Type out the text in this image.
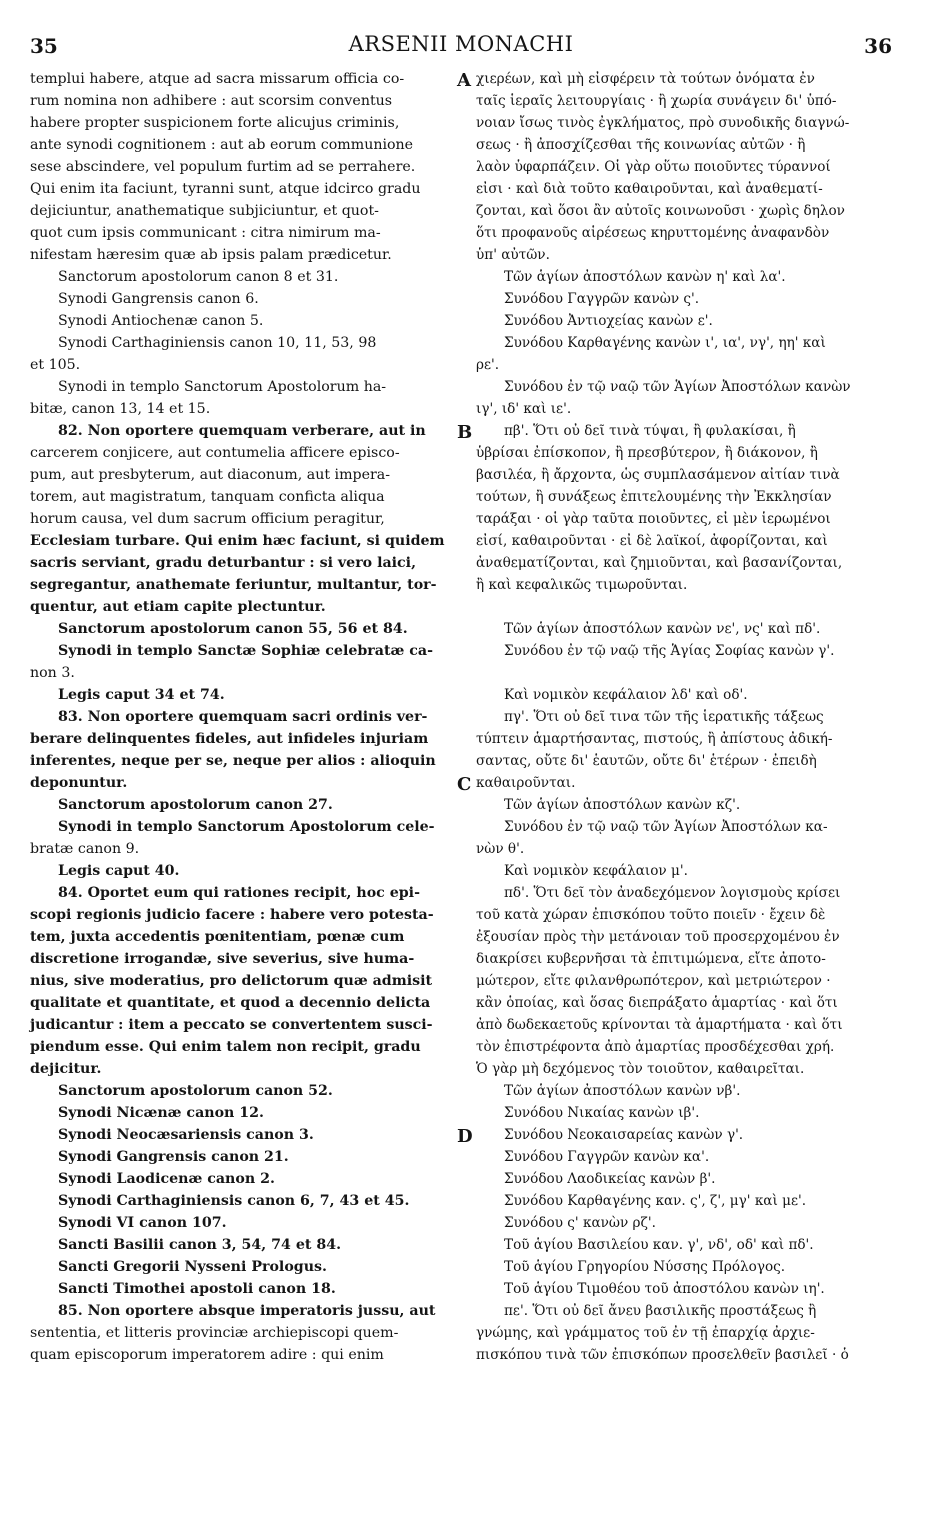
35	ARSENII MONACHI	36
templui habere, atque ad sacra missarum officia co-
rum nomina non adhibere : aut scorsim conventus
habere propter suspicionem forte alicujus criminis,
ante synodi cognitionem : aut ab eorum communione
sese abscindere, vel populum furtim ad se perrahere.
Qui enim ita faciunt, tyranni sunt, atque idcirco gradu
dejiciuntur, anathematique subjiciuntur, et quot-
quot cum ipsis communicant : citra nimirum ma-
nifestam hæresim quæ ab ipsis palam prædicetur.
Sanctorum apostolorum canon 8 et 31.
Synodi Gangrensis canon 6.
Synodi Antiochenæ canon 5.
Synodi Carthaginiensis canon 10, 11, 53, 98
et 105.
Synodi in templo Sanctorum Apostolorum ha-
bitæ, canon 13, 14 et 15.
82. Non oportere quemquam verberare, aut in
carcerem conjicere, aut contumelia afficere episco-
pum, aut presbyterum, aut diaconum, aut impera-
torem, aut magistratum, tanquam conficta aliqua
horum causa, vel dum sacrum officium peragitur,
Ecclesiam turbare. Qui enim hæc faciunt, si quidem
sacris serviant, gradu deturbantur : si vero laici,
segregantur, anathemate feriuntur, multantur, tor-
quentur, aut etiam capite plectuntur.
Sanctorum apostolorum canon 55, 56 et 84.
Synodi in templo Sanctæ Sophiæ celebratæ ca-
non 3.
Legis caput 34 et 74.
83. Non oportere quemquam sacri ordinis ver-
berare delinquentes fideles, aut infideles injuriam
inferentes, neque per se, neque per alios : alioquin
deponuntur.
Sanctorum apostolorum canon 27.
Synodi in templo Sanctorum Apostolorum cele-
bratæ canon 9.
Legis caput 40.
84. Oportet eum qui rationes recipit, hoc epi-
scopi regionis judicio facere : habere vero potesta-
tem, juxta accedentis pœnitentiam, pœnæ cum
discretione irrogandæ, sive severius, sive huma-
nius, sive moderatius, pro delictorum quæ admisit
qualitate et quantitate, et quod a decennio delicta
judicantur : item a peccato se convertentem susci-
piendum esse. Qui enim talem non recipit, gradu
dejicitur.
Sanctorum apostolorum canon 52.
Synodi Nicænæ canon 12.
Synodi Neocæsariensis canon 3.
Synodi Gangrensis canon 21.
Synodi Laodicenæ canon 2.
Synodi Carthaginiensis canon 6, 7, 43 et 45.
Synodi VI canon 107.
Sancti Basilii canon 3, 54, 74 et 84.
Sancti Gregorii Nysseni Prologus.
Sancti Timothei apostoli canon 18.
85. Non oportere absque imperatoris jussu, aut
sententia, et litteris provinciæ archiepiscopi quem-
quam episcoporum imperatorem adire : qui enim
χιερέων, καὶ μὴ εἰσφέρειν τὰ τούτων ὀνόματα ἐν
ταῖς ἱεραῖς λειτουργίαις · ἢ χωρία συνάγειν δι' ὑπό-
νοιαν ἴσως τινὸς ἐγκλήματος, πρὸ συνοδικῆς διαγνώ-
σεως · ἢ ἀποσχίζεσθαι τῆς κοινωνίας αὐτῶν · ἢ
λαὸν ὑφαρπάζειν. Οἱ γὰρ οὕτω ποιοῦντες τύραννοί
εἰσι · καὶ διὰ τοῦτο καθαιροῦνται, καὶ ἀναθεματί-
ζονται, καὶ ὅσοι ἂν αὐτοῖς κοινωνοῦσι · χωρὶς δηλον
ὅτι προφανοῦς αἱρέσεως κηρυττομένης ἀναφανδὸν
ὑπ' αὐτῶν.
Τῶν ἁγίων ἀποστόλων κανὼν η' καὶ λα'.
Συνόδου Γαγγρῶν κανὼν ς'.
Συνόδου Ἀντιοχείας κανὼν ε'.
Συνόδου Καρθαγένης κανὼν ι', ια', νγ', ηη' καὶ
ρε'.
Συνόδου ἐν τῷ ναῷ τῶν Ἁγίων Ἀποστόλων κανὼν
ιγ', ιδ' καὶ ιε'.
πβ'. Ὅτι οὐ δεῖ τινὰ τύψαι, ἢ φυλακίσαι, ἢ
ὑβρίσαι ἐπίσκοπον, ἢ πρεσβύτερον, ἢ διάκονον, ἢ
βασιλέα, ἢ ἄρχοντα, ὡς συμπλασάμενον αἰτίαν τινὰ
τούτων, ἢ συνάξεως ἐπιτελουμένης τὴν Ἐκκλησίαν
ταράξαι · οἱ γὰρ ταῦτα ποιοῦντες, εἰ μὲν ἱερωμένοι
εἰσί, καθαιροῦνται · εἰ δὲ λαϊκοί, ἀφορίζονται, καὶ
ἀναθεματίζονται, καὶ ζημιοῦνται, καὶ βασανίζονται,
ἢ καὶ κεφαλικῶς τιμωροῦνται.
Τῶν ἁγίων ἀποστόλων κανὼν νε', νς' καὶ πδ'.
Συνόδου ἐν τῷ ναῷ τῆς Ἁγίας Σοφίας κανὼν γ'.
Καὶ νομικὸν κεφάλαιον λδ' καὶ οδ'.
πγ'. Ὅτι οὐ δεῖ τινα τῶν τῆς ἱερατικῆς τάξεως
τύπτειν ἁμαρτήσαντας, πιστούς, ἢ ἀπίστους ἀδική-
σαντας, οὔτε δι' ἑαυτῶν, οὔτε δι' ἑτέρων · ἐπειδὴ
καθαιροῦνται.
Τῶν ἁγίων ἀποστόλων κανὼν κζ'.
Συνόδου ἐν τῷ ναῷ τῶν Ἁγίων Ἀποστόλων κα-
νὼν θ'.
Καὶ νομικὸν κεφάλαιον μ'.
πδ'. Ὅτι δεῖ τὸν ἀναδεχόμενον λογισμοὺς κρίσει
τοῦ κατὰ χώραν ἐπισκόπου τοῦτο ποιεῖν · ἔχειν δὲ
ἐξουσίαν πρὸς τὴν μετάνοιαν τοῦ προσερχομένου ἐν
διακρίσει κυβερνῆσαι τὰ ἐπιτιμώμενα, εἴτε ἀποτο-
μώτερον, εἴτε φιλανθρωπότερον, καὶ μετριώτερον ·
κἂν ὁποίας, καὶ ὅσας διεπράξατο ἁμαρτίας · καὶ ὅτι
ἀπὸ δωδεκαετοῦς κρίνονται τὰ ἁμαρτήματα · καὶ ὅτι
τὸν ἐπιστρέφοντα ἀπὸ ἁμαρτίας προσδέχεσθαι χρή.
Ὁ γὰρ μὴ δεχόμενος τὸν τοιοῦτον, καθαιρεῖται.
Τῶν ἁγίων ἀποστόλων κανὼν νβ'.
Συνόδου Νικαίας κανὼν ιβ'.
Συνόδου Νεοκαισαρείας κανὼν γ'.
Συνόδου Γαγγρῶν κανὼν κα'.
Συνόδου Λαοδικείας κανὼν β'.
Συνόδου Καρθαγένης καν. ς', ζ', μγ' καὶ με'.
Συνόδου ς' κανὼν ρζ'.
Τοῦ ἁγίου Βασιλείου καν. γ', νδ', οδ' καὶ πδ'.
Τοῦ ἁγίου Γρηγορίου Νύσσης Πρόλογος.
Τοῦ ἁγίου Τιμοθέου τοῦ ἀποστόλου κανὼν ιη'.
πε'. Ὅτι οὐ δεῖ ἄνευ βασιλικῆς προστάξεως ἢ
γνώμης, καὶ γράμματος τοῦ ἐν τῇ ἐπαρχίᾳ ἀρχιε-
πισκόπου τινὰ τῶν ἐπισκόπων προσελθεῖν βασιλεῖ · ὁ
A
B
C
D
